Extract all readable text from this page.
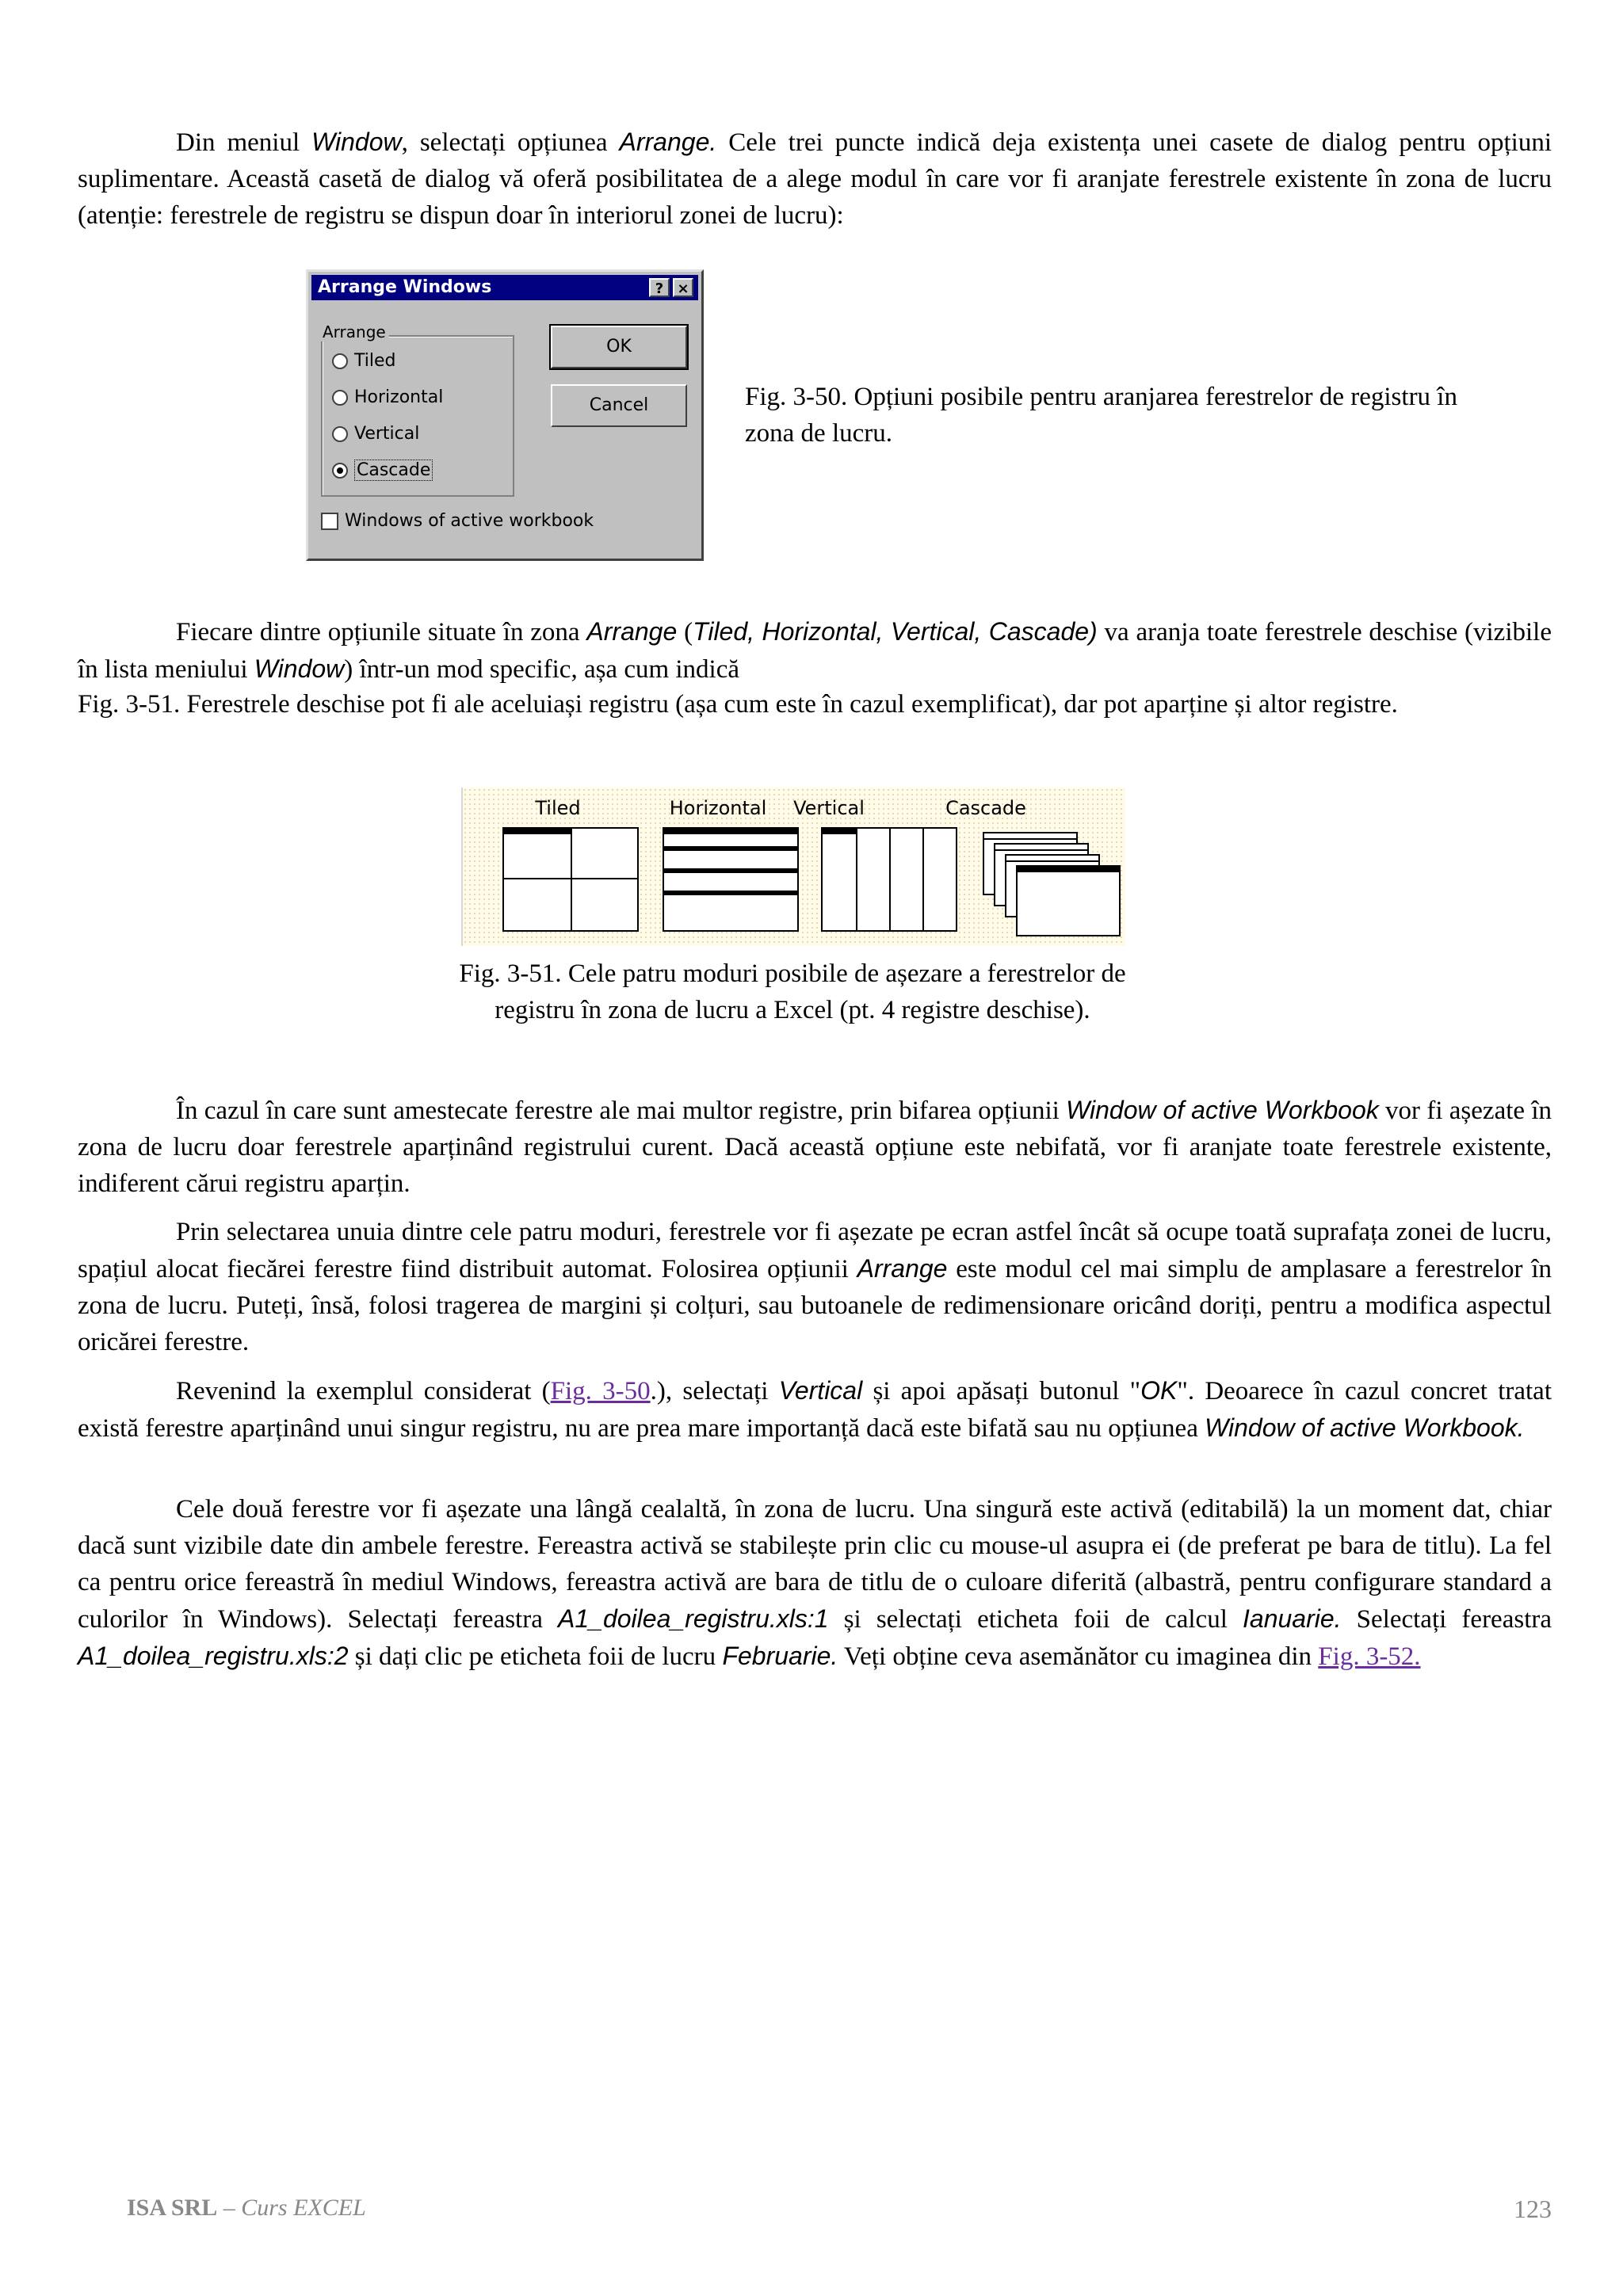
Din meniul Window, selectați opțiunea Arrange. Cele trei puncte indică deja existența unei casete de dialog pentru opțiuni suplimentare. Această casetă de dialog vă oferă posibilitatea de a alege modul în care vor fi aranjate ferestrele existente în zona de lucru (atenție: ferestrele de registru se dispun doar în interiorul zonei de lucru):

Arrange Windows	? ×
Arrange
Tiled
Horizontal
Vertical
Cascade
OK
Cancel
Windows of active workbook
Fig. 3-50. Opțiuni posibile pentru aranjarea ferestrelor de registru în zona de lucru.

Fiecare dintre opțiunile situate în zona Arrange (Tiled, Horizontal, Vertical, Cascade) va aranja toate ferestrele deschise (vizibile în lista meniului Window) într-un mod specific, așa cum indică

Fig. 3-51. Ferestrele deschise pot fi ale aceluiași registru (așa cum este în cazul exemplificat), dar pot aparține și altor registre.

Tiled	Horizontal	Vertical	Cascade
Fig. 3-51. Cele patru moduri posibile de așezare a ferestrelor de
registru în zona de lucru a Excel (pt. 4 registre deschise).

În cazul în care sunt amestecate ferestre ale mai multor registre, prin bifarea opțiunii Window of active Workbook vor fi așezate în zona de lucru doar ferestrele aparținând registrului curent. Dacă această opțiune este nebifată, vor fi aranjate toate ferestrele existente, indiferent cărui registru aparțin.

Prin selectarea unuia dintre cele patru moduri, ferestrele vor fi așezate pe ecran astfel încât să ocupe toată suprafața zonei de lucru, spațiul alocat fiecărei ferestre fiind distribuit automat. Folosirea opțiunii Arrange este modul cel mai simplu de amplasare a ferestrelor în zona de lucru. Puteți, însă, folosi tragerea de margini și colțuri, sau butoanele de redimensionare oricând doriți, pentru a modifica aspectul oricărei ferestre.

Revenind la exemplul considerat (Fig. 3-50.), selectați Vertical și apoi apăsați butonul "OK". Deoarece în cazul concret tratat există ferestre aparținând unui singur registru, nu are prea mare importanță dacă este bifată sau nu opțiunea Window of active Workbook.

Cele două ferestre vor fi așezate una lângă cealaltă, în zona de lucru. Una singură este activă (editabilă) la un moment dat, chiar dacă sunt vizibile date din ambele ferestre. Fereastra activă se stabilește prin clic cu mouse-ul asupra ei (de preferat pe bara de titlu). La fel ca pentru orice fereastră în mediul Windows, fereastra activă are bara de titlu de o culoare diferită (albastră, pentru configurare standard a culorilor în Windows). Selectați fereastra A1_doilea_registru.xls:1 și selectați eticheta foii de calcul Ianuarie. Selectați fereastra A1_doilea_registru.xls:2 și dați clic pe eticheta foii de lucru Februarie. Veți obține ceva asemănător cu imaginea din Fig. 3-52.

ISA SRL – Curs EXCEL	123
